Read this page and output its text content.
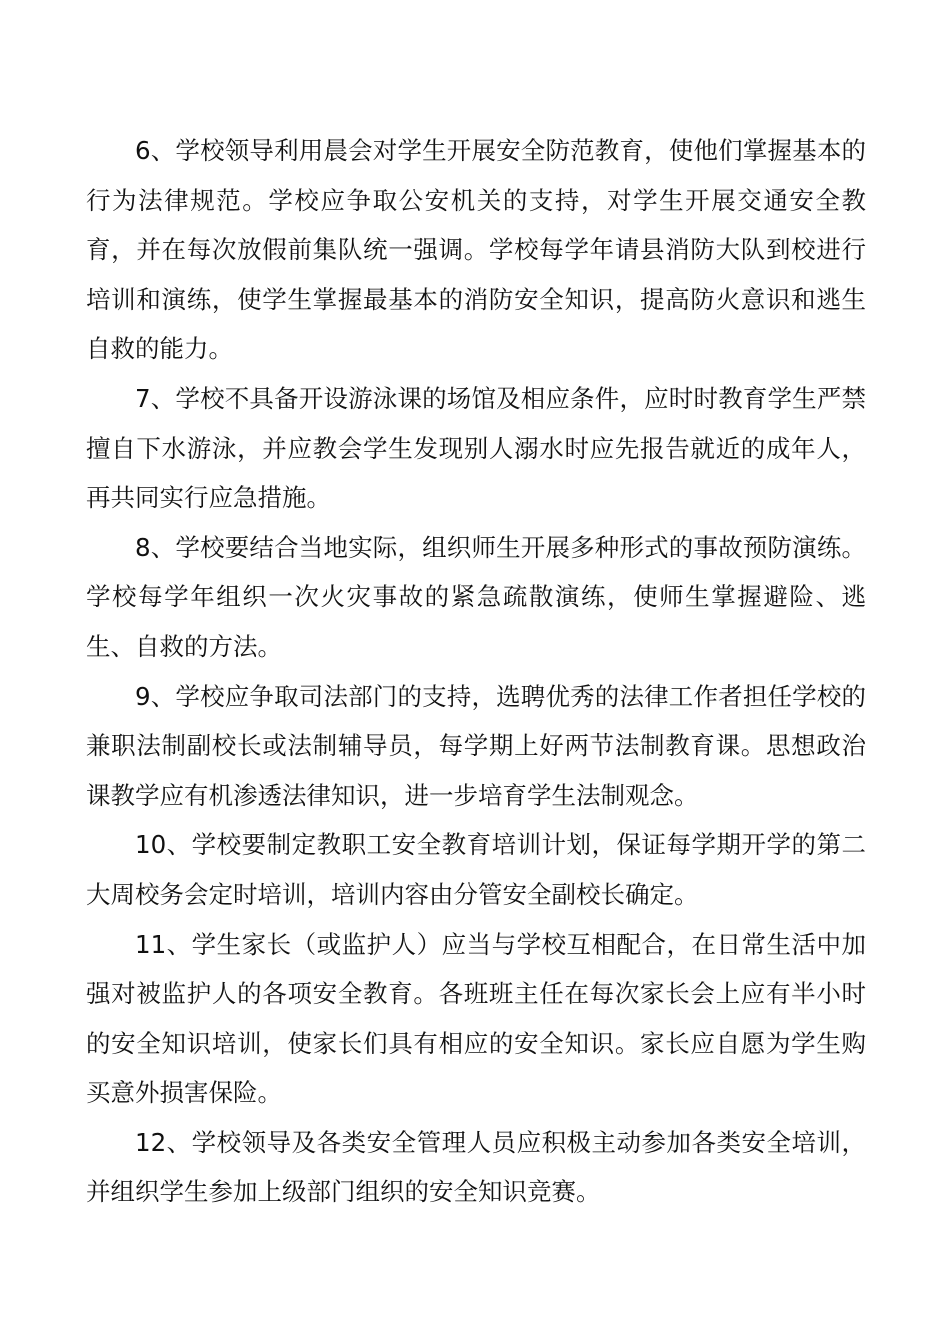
6、学校领导利用晨会对学生开展安全防范教育，使他们掌握基本的行为法律规范。学校应争取公安机关的支持，对学生开展交通安全教育，并在每次放假前集队统一强调。学校每学年请县消防大队到校进行培训和演练，使学生掌握最基本的消防安全知识，提高防火意识和逃生自救的能力。

7、学校不具备开设游泳课的场馆及相应条件，应时时教育学生严禁擅自下水游泳，并应教会学生发现别人溺水时应先报告就近的成年人，再共同实行应急措施。

8、学校要结合当地实际，组织师生开展多种形式的事故预防演练。学校每学年组织一次火灾事故的紧急疏散演练，使师生掌握避险、逃生、自救的方法。

9、学校应争取司法部门的支持，选聘优秀的法律工作者担任学校的兼职法制副校长或法制辅导员，每学期上好两节法制教育课。思想政治课教学应有机渗透法律知识，进一步培育学生法制观念。

10、学校要制定教职工安全教育培训计划，保证每学期开学的第二大周校务会定时培训，培训内容由分管安全副校长确定。

11、学生家长（或监护人）应当与学校互相配合，在日常生活中加强对被监护人的各项安全教育。各班班主任在每次家长会上应有半小时的安全知识培训，使家长们具有相应的安全知识。家长应自愿为学生购买意外损害保险。

12、学校领导及各类安全管理人员应积极主动参加各类安全培训，并组织学生参加上级部门组织的安全知识竞赛。
